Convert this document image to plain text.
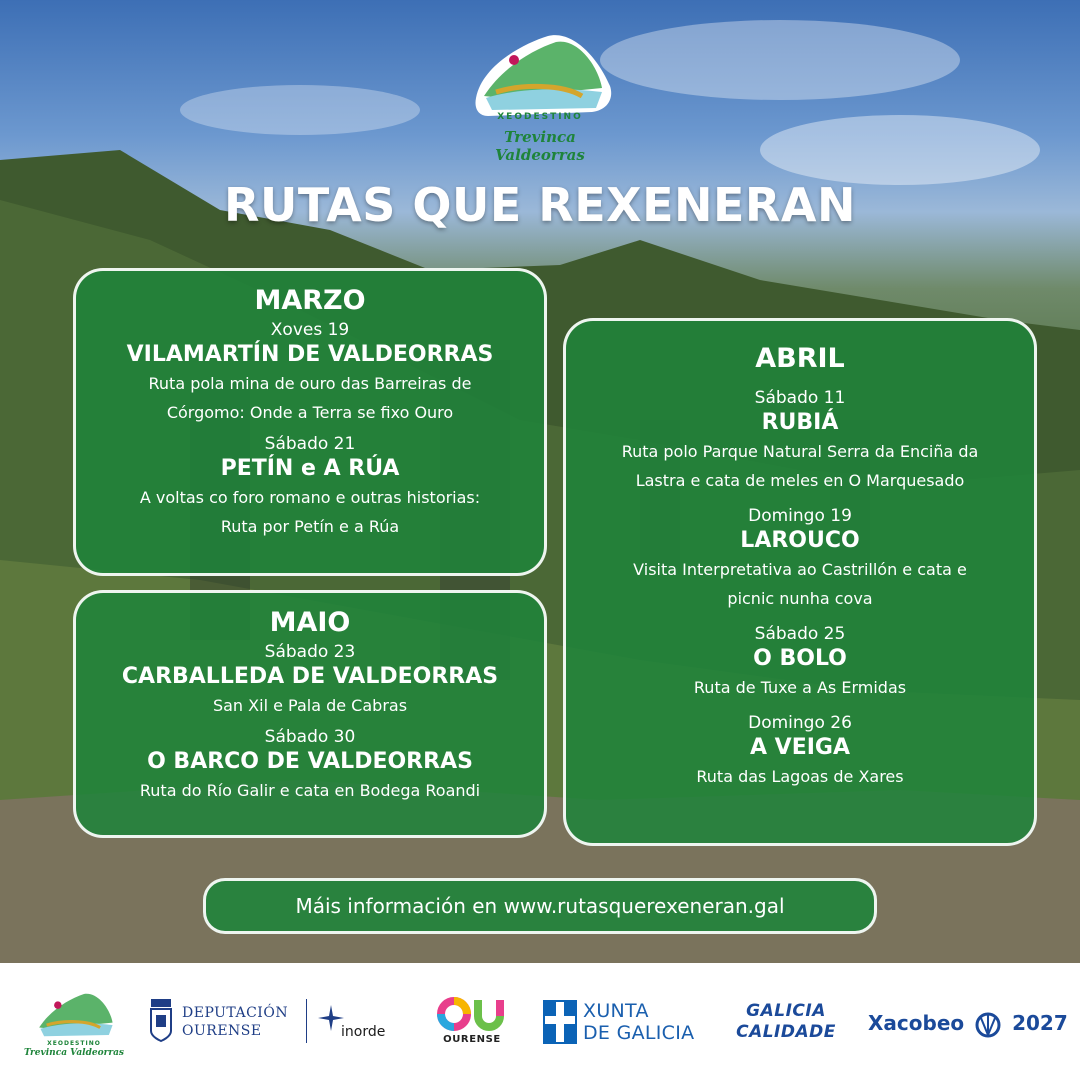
XEODESTINO
Trevinca Valdeorras
RUTAS QUE REXENERAN
MARZO
Xoves 19
VILAMARTÍN DE VALDEORRAS
Ruta pola mina de ouro das Barreiras de
Córgomo: Onde a Terra se fixo Ouro
Sábado 21
PETÍN e A RÚA
A voltas co foro romano e outras historias:
Ruta por Petín e a Rúa
MAIO
Sábado 23
CARBALLEDA DE VALDEORRAS
San Xil e Pala de Cabras
Sábado 30
O BARCO DE VALDEORRAS
Ruta do Río Galir e cata en Bodega Roandi
ABRIL
Sábado 11
RUBIÁ
Ruta polo Parque Natural Serra da Enciña da
Lastra e cata de meles en O Marquesado
Domingo 19
LAROUCO
Visita Interpretativa ao Castrillón e cata e
picnic nunha cova
Sábado 25
O BOLO
Ruta de Tuxe a As Ermidas
Domingo 26
A VEIGA
Ruta das Lagoas de Xares
Máis información en www.rutasquerexeneran.gal
XEODESTINO
Trevinca Valdeorras
DEPUTACIÓN
OURENSE	inorde	OURENSE
XUNTA
DE GALICIA
GALICIA
CALIDADE Xacobeo 2027
